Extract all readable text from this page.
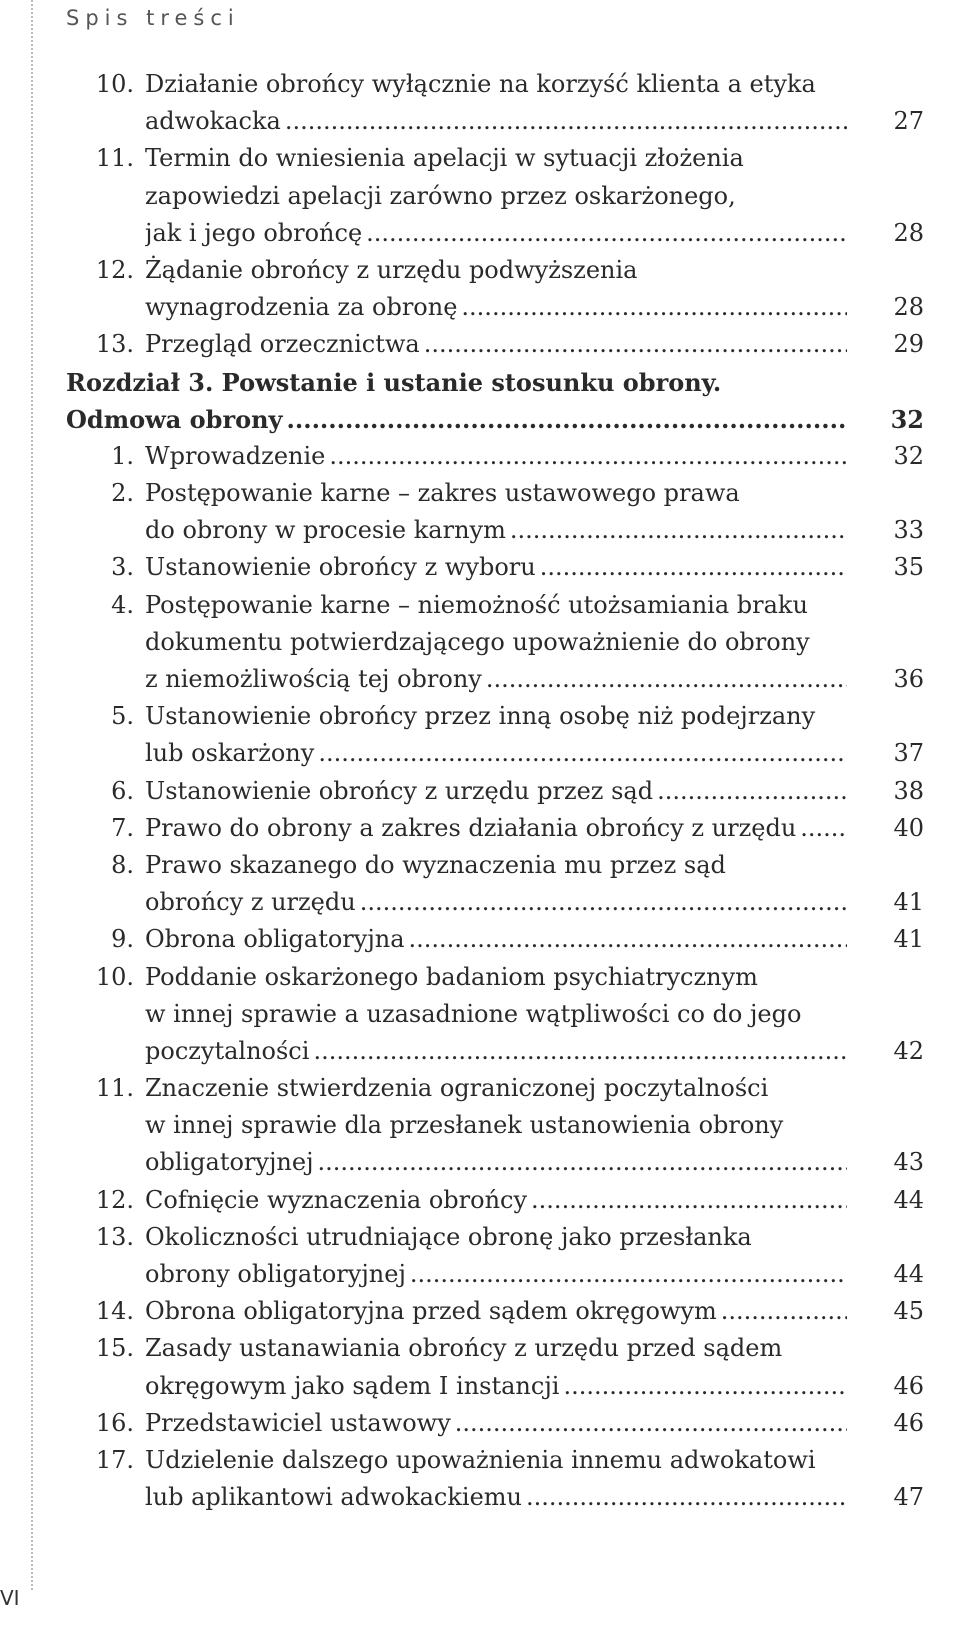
Spis treści
10. Działanie obrońcy wyłącznie na korzyść klienta a etyka
adwokacka .....	27
11. Termin do wniesienia apelacji w sytuacji złożenia
zapowiedzi apelacji zarówno przez oskarżonego,
jak i jego obrońcę .....	28
12. Żądanie obrońcy z urzędu podwyższenia
wynagrodzenia za obronę .....	28
13. Przegląd orzecznictwa .....	29
Rozdział 3. Powstanie i ustanie stosunku obrony.
Odmowa obrony .....	32
1. Wprowadzenie .....	32
2. Postępowanie karne – zakres ustawowego prawa
do obrony w procesie karnym .....	33
3. Ustanowienie obrońcy z wyboru .....	35
4. Postępowanie karne – niemożność utożsamiania braku
dokumentu potwierdzającego upoważnienie do obrony
z niemożliwością tej obrony .....	36
5. Ustanowienie obrońcy przez inną osobę niż podejrzany
lub oskarżony .....	37
6. Ustanowienie obrońcy z urzędu przez sąd .....	38
7. Prawo do obrony a zakres działania obrońcy z urzędu .....	40
8. Prawo skazanego do wyznaczenia mu przez sąd
obrońcy z urzędu .....	41
9. Obrona obligatoryjna .....	41
10. Poddanie oskarżonego badaniom psychiatrycznym
w innej sprawie a uzasadnione wątpliwości co do jego
poczytalności .....	42
11. Znaczenie stwierdzenia ograniczonej poczytalności
w innej sprawie dla przesłanek ustanowienia obrony
obligatoryjnej .....	43
12. Cofnięcie wyznaczenia obrońcy .....	44
13. Okoliczności utrudniające obronę jako przesłanka
obrony obligatoryjnej .....	44
14. Obrona obligatoryjna przed sądem okręgowym .....	45
15. Zasady ustanawiania obrońcy z urzędu przed sądem
okręgowym jako sądem I instancji .....	46
16. Przedstawiciel ustawowy .....	46
17. Udzielenie dalszego upoważnienia innemu adwokatowi
lub aplikantowi adwokackiemu .....	47
VI
